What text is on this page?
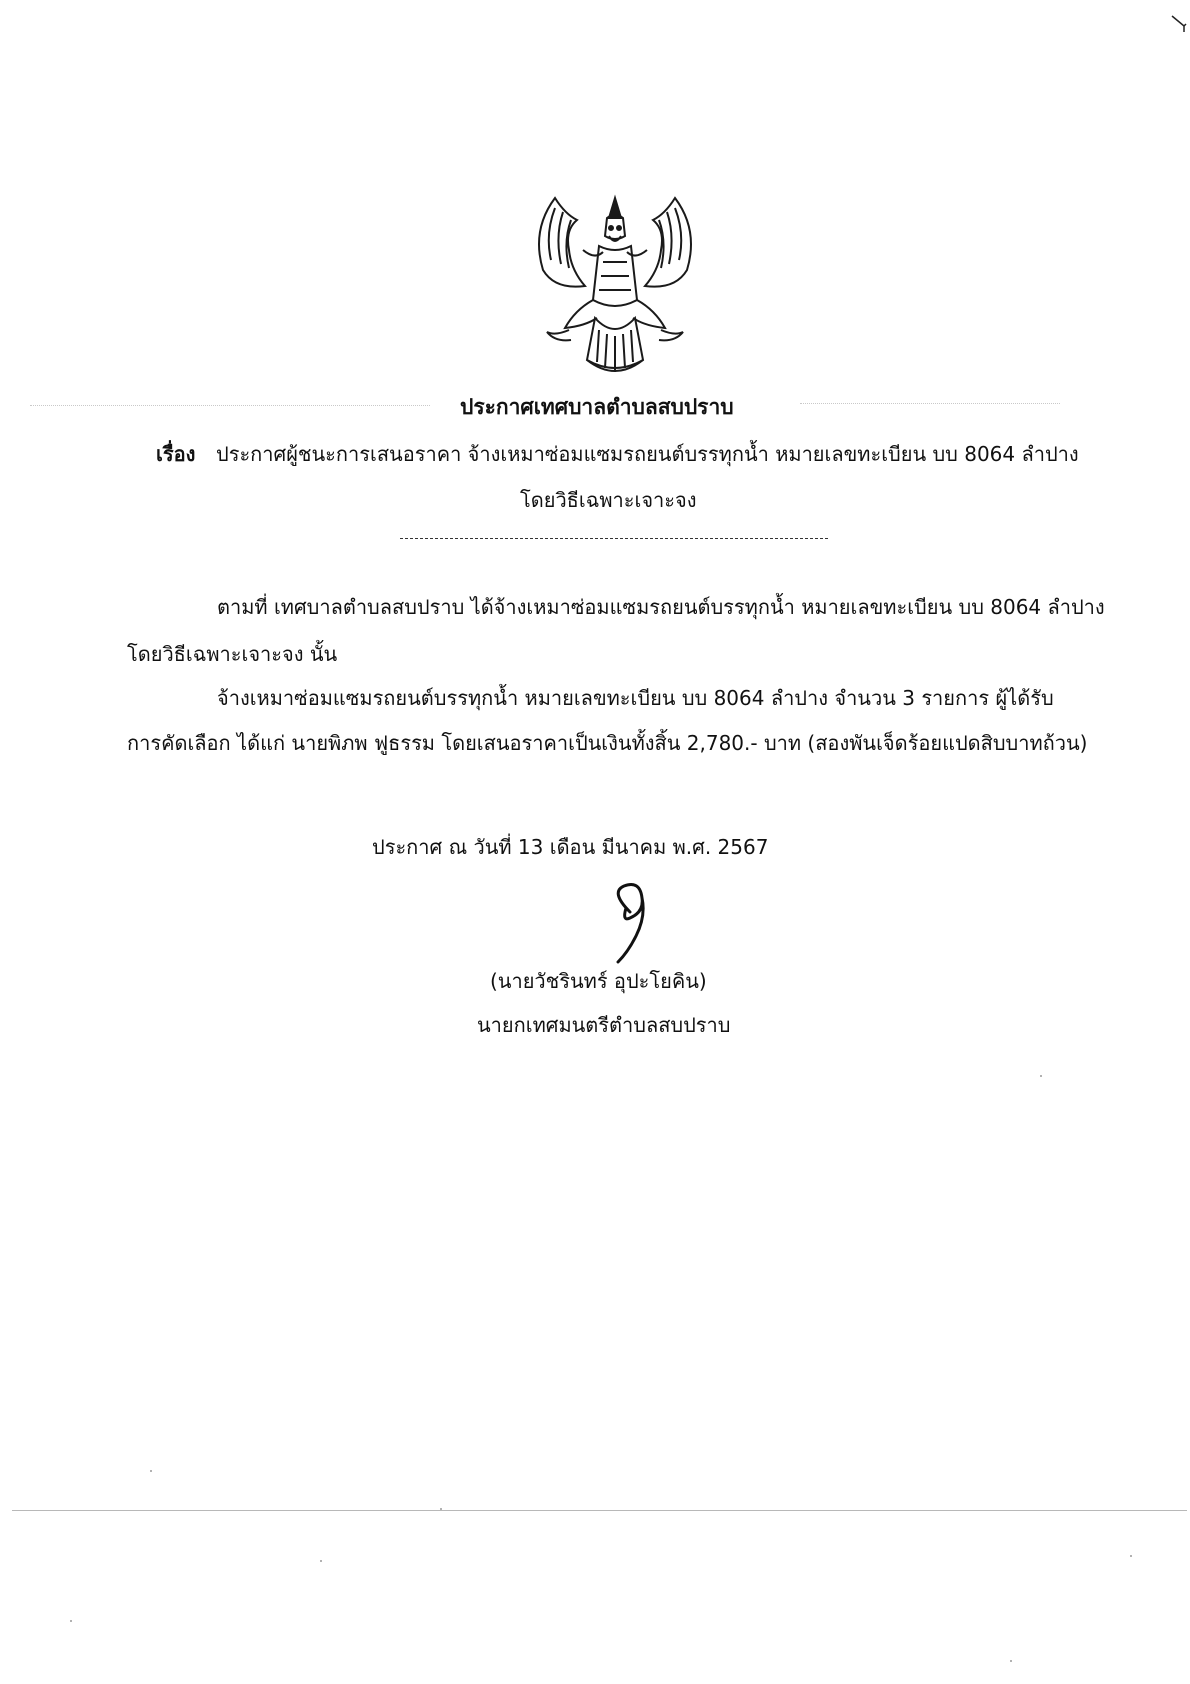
ประกาศเทศบาลตำบลสบปราบ
เรื่อง ประกาศผู้ชนะการเสนอราคา จ้างเหมาซ่อมแซมรถยนต์บรรทุกน้ำ หมายเลขทะเบียน บบ 8064 ลำปาง
โดยวิธีเฉพาะเจาะจง
ตามที่ เทศบาลตำบลสบปราบ ได้จ้างเหมาซ่อมแซมรถยนต์บรรทุกน้ำ หมายเลขทะเบียน บบ 8064 ลำปาง
โดยวิธีเฉพาะเจาะจง นั้น
จ้างเหมาซ่อมแซมรถยนต์บรรทุกน้ำ หมายเลขทะเบียน บบ 8064 ลำปาง จำนวน 3 รายการ ผู้ได้รับ
การคัดเลือก ได้แก่ นายพิภพ ฟูธรรม โดยเสนอราคาเป็นเงินทั้งสิ้น 2,780.- บาท (สองพันเจ็ดร้อยแปดสิบบาทถ้วน)
ประกาศ ณ วันที่ 13 เดือน มีนาคม พ.ศ. 2567
(นายวัชรินทร์ อุปะโยคิน)
นายกเทศมนตรีตำบลสบปราบ
